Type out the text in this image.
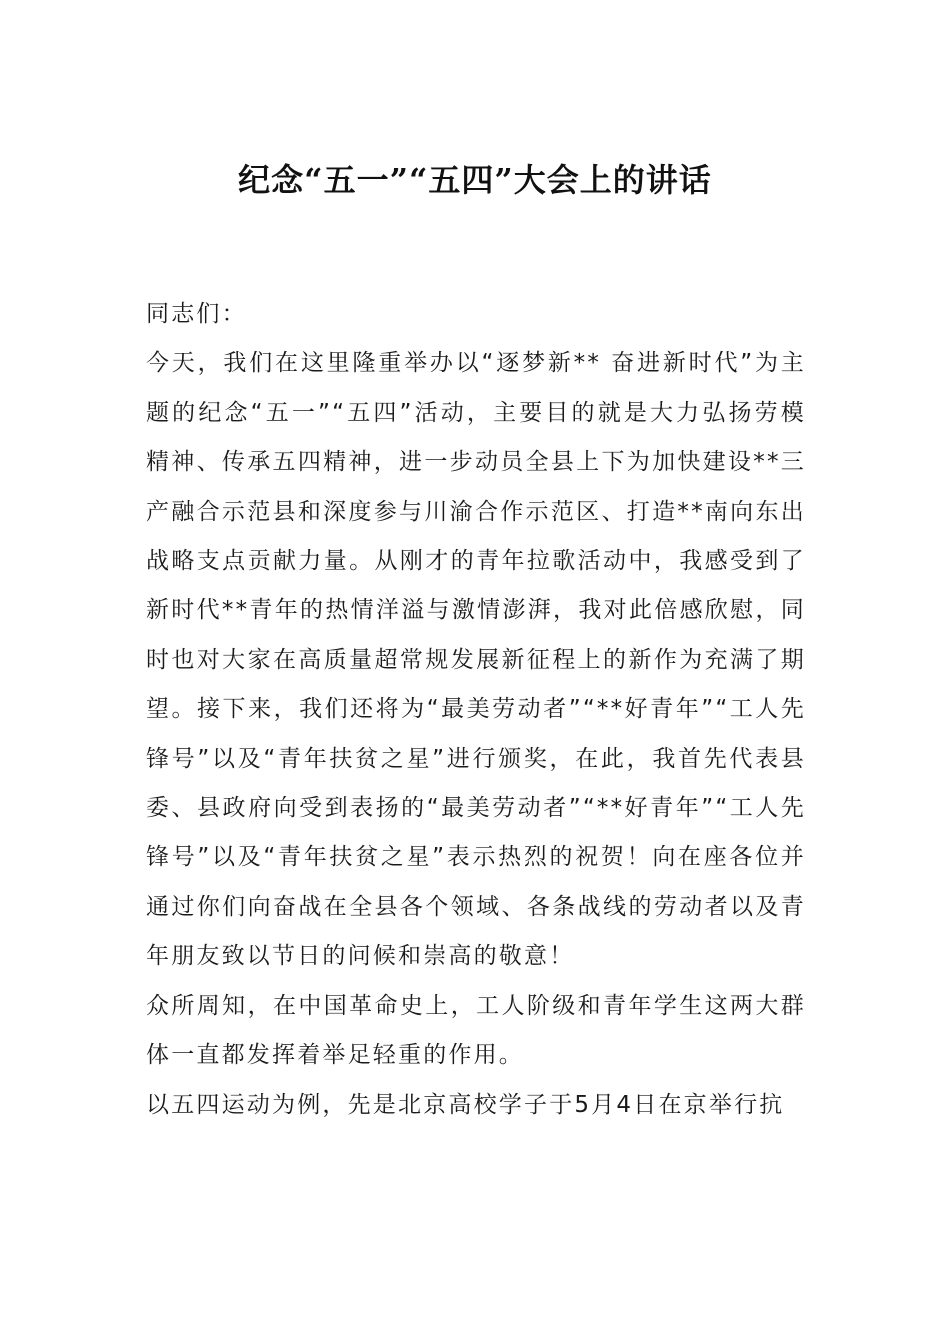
纪念“五一”“五四”大会上的讲话

同志们：

今天，我们在这里隆重举办以“逐梦新** 奋进新时代”为主题的纪念“五一”“五四”活动，主要目的就是大力弘扬劳模精神、传承五四精神，进一步动员全县上下为加快建设**三产融合示范县和深度参与川渝合作示范区、打造**南向东出战略支点贡献力量。从刚才的青年拉歌活动中，我感受到了新时代**青年的热情洋溢与激情澎湃，我对此倍感欣慰，同时也对大家在高质量超常规发展新征程上的新作为充满了期望。接下来，我们还将为“最美劳动者”“**好青年”“工人先锋号”以及“青年扶贫之星”进行颁奖，在此，我首先代表县委、县政府向受到表扬的“最美劳动者”“**好青年”“工人先锋号”以及“青年扶贫之星”表示热烈的祝贺！向在座各位并通过你们向奋战在全县各个领域、各条战线的劳动者以及青年朋友致以节日的问候和崇高的敬意！

众所周知，在中国革命史上，工人阶级和青年学生这两大群体一直都发挥着举足轻重的作用。

以五四运动为例，先是北京高校学子于5月4日在京举行抗
